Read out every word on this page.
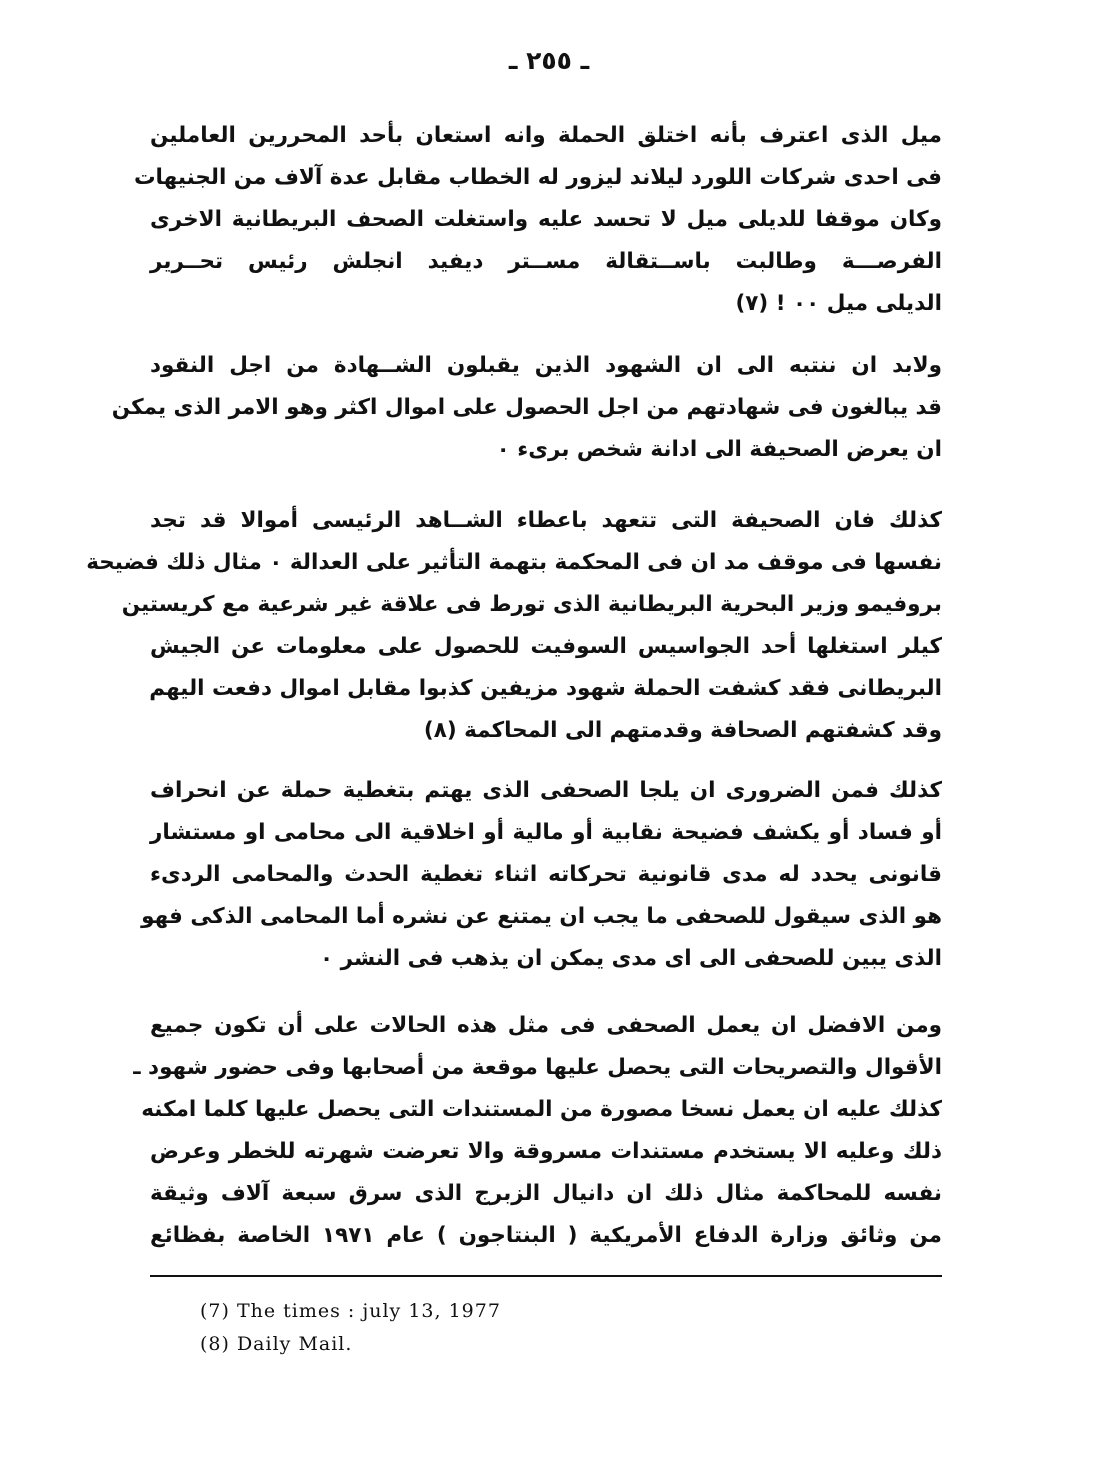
ـ ٢٥٥ ـ
ميل الذى اعترف بأنه اختلق الحملة وانه استعان بأحد المحررين العاملين
فى احدى شركات اللورد ليلاند ليزور له الخطاب مقابل عدة آلاف من الجنيهات
وكان موقفا للديلى ميل لا تحسد عليه واستغلت الصحف البريطانية الاخرى
الفرصـــة وطالبت باســتقالة مســتر ديفيد انجلش رئيس تحــرير
الديلى ميل ٠٠ ! (٧)
ولابد ان ننتبه الى ان الشهود الذين يقبلون الشــهادة من اجل النقود
قد يبالغون فى شهادتهم من اجل الحصول على اموال اكثر وهو الامر الذى يمكن
ان يعرض الصحيفة الى ادانة شخص برىء ٠
كذلك فان الصحيفة التى تتعهد باعطاء الشــاهد الرئيسى أموالا قد تجد
نفسها فى موقف مد ان فى المحكمة بتهمة التأثير على العدالة ٠ مثال ذلك فضيحة
بروفيمو وزير البحرية البريطانية الذى تورط فى علاقة غير شرعية مع كريستين
كيلر استغلها أحد الجواسيس السوفيت للحصول على معلومات عن الجيش
البريطانى فقد كشفت الحملة شهود مزيفين كذبوا مقابل اموال دفعت اليهم
وقد كشفتهم الصحافة وقدمتهم الى المحاكمة (٨)
كذلك فمن الضرورى ان يلجا الصحفى الذى يهتم بتغطية حملة عن انحراف
أو فساد أو يكشف فضيحة نقابية أو مالية أو اخلاقية الى محامى او مستشار
قانونى يحدد له مدى قانونية تحركاته اثناء تغطية الحدث والمحامى الردىء
هو الذى سيقول للصحفى ما يجب ان يمتنع عن نشره أما المحامى الذكى فهو
الذى يبين للصحفى الى اى مدى يمكن ان يذهب فى النشر ٠
ومن الافضل ان يعمل الصحفى فى مثل هذه الحالات على أن تكون جميع
الأقوال والتصريحات التى يحصل عليها موقعة من أصحابها وفى حضور شهود ـ
كذلك عليه ان يعمل نسخا مصورة من المستندات التى يحصل عليها كلما امكنه
ذلك وعليه الا يستخدم مستندات مسروقة والا تعرضت شهرته للخطر وعرض
نفسه للمحاكمة مثال ذلك ان دانيال الزبرج الذى سرق سبعة آلاف وثيقة
من وثائق وزارة الدفاع الأمريكية ( البنتاجون ) عام ١٩٧١ الخاصة بفظائع
(7) The times : july 13, 1977
(8) Daily Mail.
